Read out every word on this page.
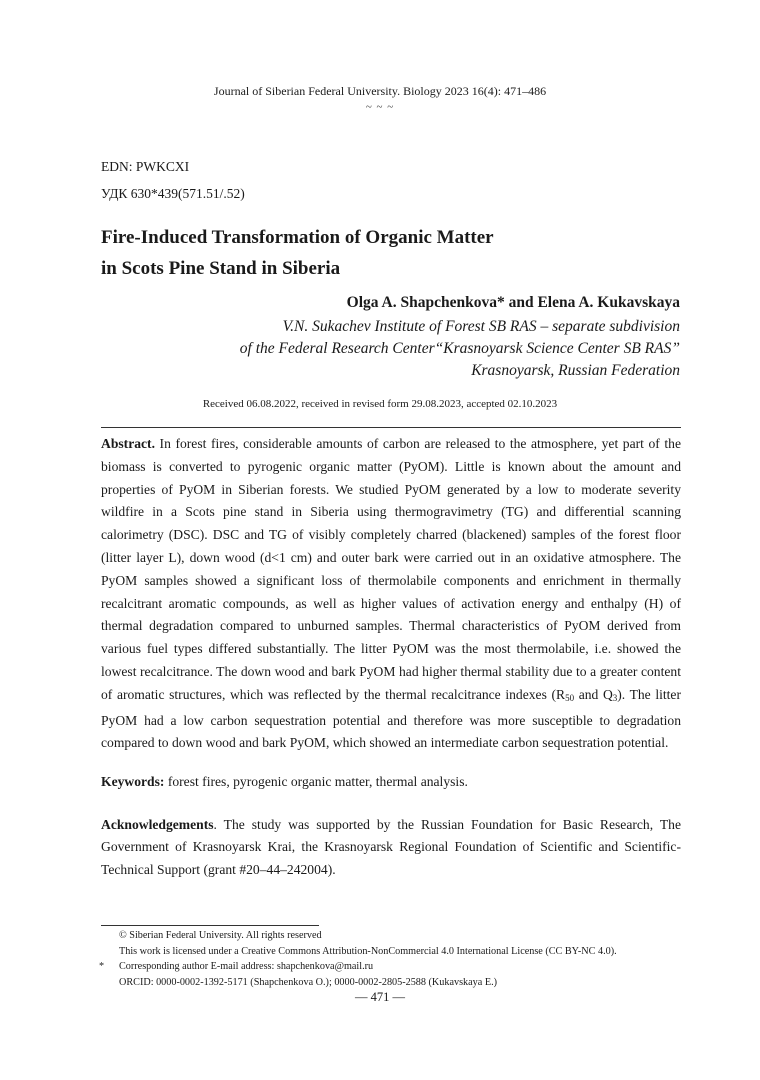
Journal of Siberian Federal University. Biology 2023 16(4): 471–486
~ ~ ~
EDN: PWKCXI
УДК 630*439(571.51/.52)
Fire-Induced Transformation of Organic Matter
in Scots Pine Stand in Siberia
Olga A. Shapchenkova* and Elena A. Kukavskaya
V.N. Sukachev Institute of Forest SB RAS – separate subdivision
of the Federal Research Center“Krasnoyarsk Science Center SB RAS”
Krasnoyarsk, Russian Federation
Received 06.08.2022, received in revised form 29.08.2023, accepted 02.10.2023
Abstract. In forest fires, considerable amounts of carbon are released to the atmosphere, yet part of the biomass is converted to pyrogenic organic matter (PyOM). Little is known about the amount and properties of PyOM in Siberian forests. We studied PyOM generated by a low to moderate severity wildfire in a Scots pine stand in Siberia using thermogravimetry (TG) and differential scanning calorimetry (DSC). DSC and TG of visibly completely charred (blackened) samples of the forest floor (litter layer L), down wood (d<1 cm) and outer bark were carried out in an oxidative atmosphere. The PyOM samples showed a significant loss of thermolabile components and enrichment in thermally recalcitrant aromatic compounds, as well as higher values of activation energy and enthalpy (H) of thermal degradation compared to unburned samples. Thermal characteristics of PyOM derived from various fuel types differed substantially. The litter PyOM was the most thermolabile, i.e. showed the lowest recalcitrance. The down wood and bark PyOM had higher thermal stability due to a greater content of aromatic structures, which was reflected by the thermal recalcitrance indexes ($R_{50}$ and $Q_3$). The litter PyOM had a low carbon sequestration potential and therefore was more susceptible to degradation compared to down wood and bark PyOM, which showed an intermediate carbon sequestration potential.
Keywords: forest fires, pyrogenic organic matter, thermal analysis.
Acknowledgements. The study was supported by the Russian Foundation for Basic Research, The Government of Krasnoyarsk Krai, the Krasnoyarsk Regional Foundation of Scientific and Scientific-Technical Support (grant #20–44–242004).
© Siberian Federal University. All rights reserved
This work is licensed under a Creative Commons Attribution-NonCommercial 4.0 International License (CC BY-NC 4.0).
* Corresponding author E-mail address: shapchenkova@mail.ru
ORCID: 0000-0002-1392-5171 (Shapchenkova O.); 0000-0002-2805-2588 (Kukavskaya E.)
— 471 —
